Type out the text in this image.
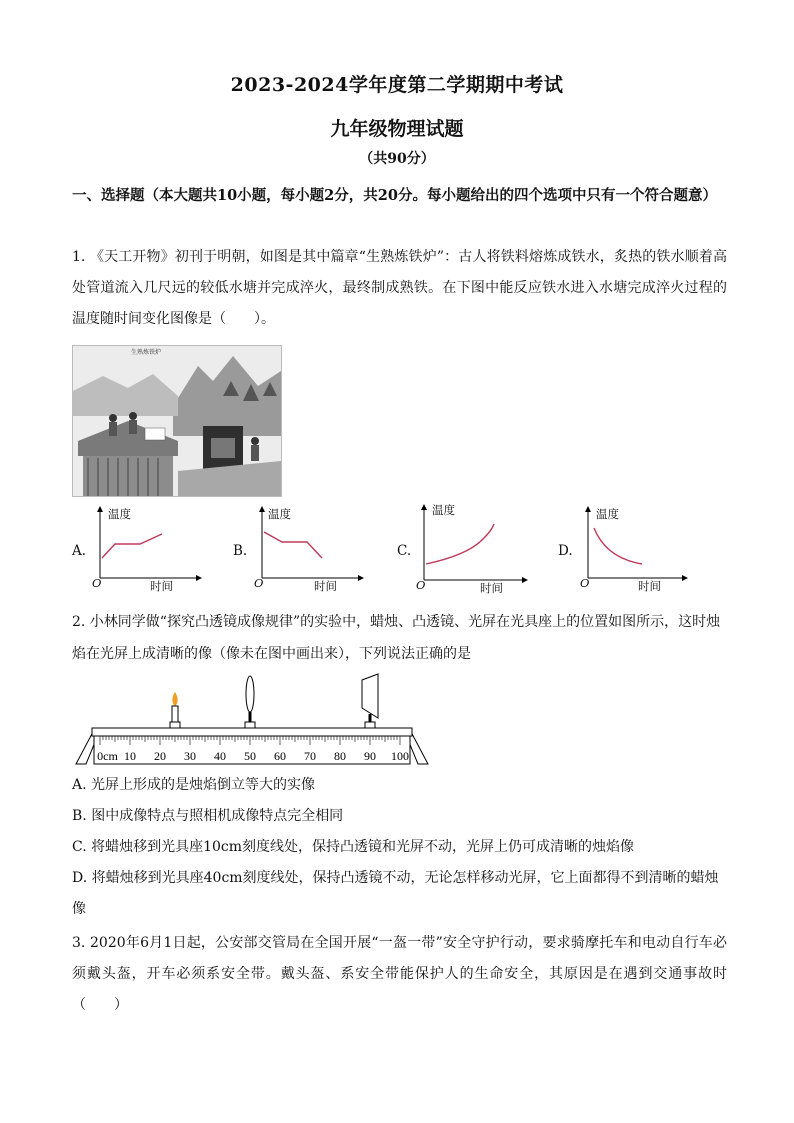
2023-2024学年度第二学期期中考试
九年级物理试题
（共90分）
一、选择题（本大题共10小题，每小题2分，共20分。每小题给出的四个选项中只有一个符合题意）
1. 《天工开物》初刊于明朝，如图是其中篇章“生熟炼铁炉”：古人将铁料熔炼成铁水，炙热的铁水顺着高处管道流入几尺远的较低水塘并完成淬火，最终制成熟铁。在下图中能反应铁水进入水塘完成淬火过程的温度随时间变化图像是（　　）。
生熟炼铁炉
A.
温度
O	时间
B.
温度
O	时间
C.
温度
O	时间
D.
温度
O	时间
2. 小林同学做“探究凸透镜成像规律”的实验中，蜡烛、凸透镜、光屏在光具座上的位置如图所示，这时烛焰在光屏上成清晰的像（像未在图中画出来），下列说法正确的是
0cm 10 20 30 40 50 60 70 80 90 100
A. 光屏上形成的是烛焰倒立等大的实像
B. 图中成像特点与照相机成像特点完全相同
C. 将蜡烛移到光具座10cm刻度线处，保持凸透镜和光屏不动，光屏上仍可成清晰的烛焰像
D. 将蜡烛移到光具座40cm刻度线处，保持凸透镜不动，无论怎样移动光屏，它上面都得不到清晰的蜡烛像
3. 2020年6月1日起，公安部交管局在全国开展“一盔一带”安全守护行动，要求骑摩托车和电动自行车必须戴头盔，开车必须系安全带。戴头盔、系安全带能保护人的生命安全，其原因是在遇到交通事故时（　　）
